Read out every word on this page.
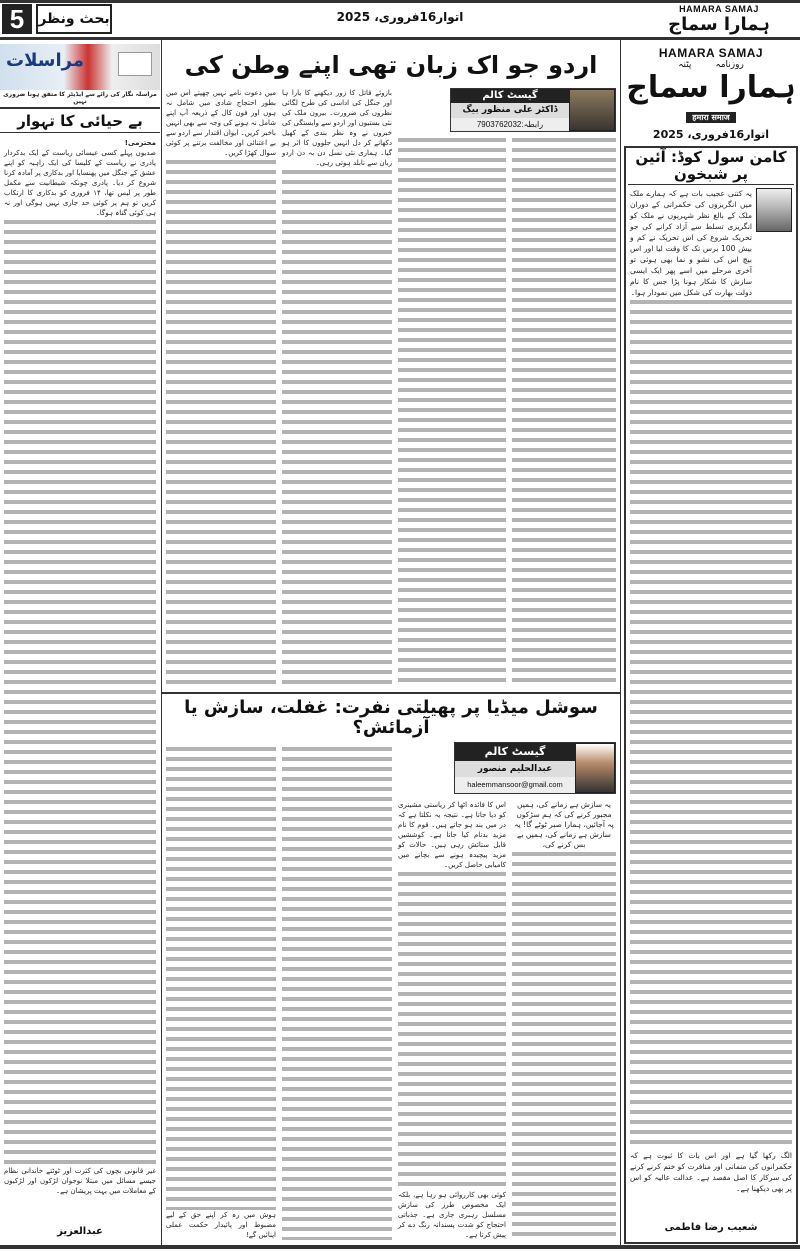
5	بحث ونظر	اتوار16فروری، 2025
HAMARA SAMAJ
ہمارا سماج
مراسلات
مراسلہ نگار کی رائے سے ایڈیٹر کا متفق ہونا ضروری نہیں
بے حیائی کا تہوار
محترمی!
صدیوں پہلے کسی عیسائی ریاست کے ایک بدکردار پادری نے ریاست کے کلیسا کی ایک راہبہ کو اپنے عشق کے جنگل میں پھنسایا اور بدکاری پر آمادہ کرنا شروع کر دیا۔ پادری چونکہ شیطانیت سے مکمل طور پر لیس تھا، ۱۴ فروری کو بدکاری کا ارتکاب کریں تو ہم پر کوئی حد جاری نہیں ہوگی اور نہ ہی کوئی گناہ ہوگا۔
غیر قانونی بچوں کی کثرت اور ٹوٹتے خاندانی نظام جیسے مسائل میں مبتلا نوجوان لڑکوں اور لڑکیوں کے معاملات میں بہت پریشان ہے۔
عبدالعزیز
اردو جو اک زبان تھی اپنے وطن کی
گیسٹ کالم
ڈاکٹر علی منظور بیگ
رابطہ:7903762032
میں دعوت نامے نہیں چھپتے اس میں بطور احتجاج شادی میں شامل نہ ہوں اور فون کال کے ذریعہ آپ اپنے شامل نہ ہونے کی وجہ سے بھی انہیں باخبر کریں۔ ایوان اقتدار سے اردو سے بے اعتنائی اور مخالفت برتنے پر کوئی سوال کھڑا کریں۔
بازوئے قاتل کا زور دیکھنے کا یارا ہا اور جنگل کی اداسی کی طرح لگائی نظروں کی ضرورت۔ بیرون ملک کی نئی بستیوں اور اردو سے وابستگی کی خبروں نے وہ نظر بندی کے کھیل دکھانے کر دل انہیں جلووں کا اثر ہو گیا۔ ہماری نئی نسل دن بہ دن اردو زبان سے نابلد ہوتی رہی۔
سوشل میڈیا پر پھیلتی نفرت: غفلت، سازش یا آزمائش؟
گیسٹ کالم
عبدالحلیم منصور
haleemmansoor@gmail.com
ہوش میں رہ کر اپنے حق کے لیے مضبوط اور پائیدار حکمت عملی اپنائیں گے!
اس کا فائدہ اٹھا کر ریاستی مشینری کو دیا جاتا ہے۔ نتیجہ یہ نکلتا ہے کہ در میں بند ہو جاتے ہیں۔ قوم کا نام مزید بدنام کیا جاتا ہے۔ کوششیں قابل ستائش رہی ہیں۔ حالات کو مزید پیچیدہ ہونے سے بچانے میں کامیابی حاصل کریں۔
کوئی بھی کارروائی ہو رہا ہے، بلکہ ایک مخصوص طرز کی سازش مسلسل رہبری جاری ہے۔ جذباتی احتجاج کو شدت پسندانہ رنگ دے کر پیش کرتا ہے۔
یہ سازش ہے زمانے کی، ہمیں مجبور کرنے کی کہ ہم سڑکوں پہ آجائیں، ہمارا صبر ٹوٹے گا! یہ سازش ہے زمانے کی، ہمیں بے بس کرنے کی،
HAMARA SAMAJ
روزنامہ
پٹنہ
ہمارا سماج
हमारा समाज
اتوار16فروری، 2025
کامن سول کوڈ: آئین پر شبخون
یہ کتنی عجیب بات ہے کہ ہمارے ملک میں انگریزوں کی حکمرانی کے دوران ملک کے بالغ نظر شہریوں نے ملک کو انگریزی تسلط سے آزاد کرانے کی جو تحریک شروع کی اس تحریک نے کم و بیش 100 برس تک کا وقت لیا اور اس بیچ اس کی نشو و نما بھی ہوئی تو آخری مرحلے میں اسے پھر ایک ایسی سازش کا شکار ہونا پڑا جس کا نام دولت بھارت کی شکل میں نمودار ہوا۔
الگ رکھا گیا ہے اور اس بات کا ثبوت ہے کہ حکمرانوں کی منمانی اور منافرت کو ختم کرنے کرنے کی سرکار کا اصل مقصد ہے۔ عدالت عالیہ کو اس پر بھی دیکھنا ہے۔
شعیب رضا فاطمی
